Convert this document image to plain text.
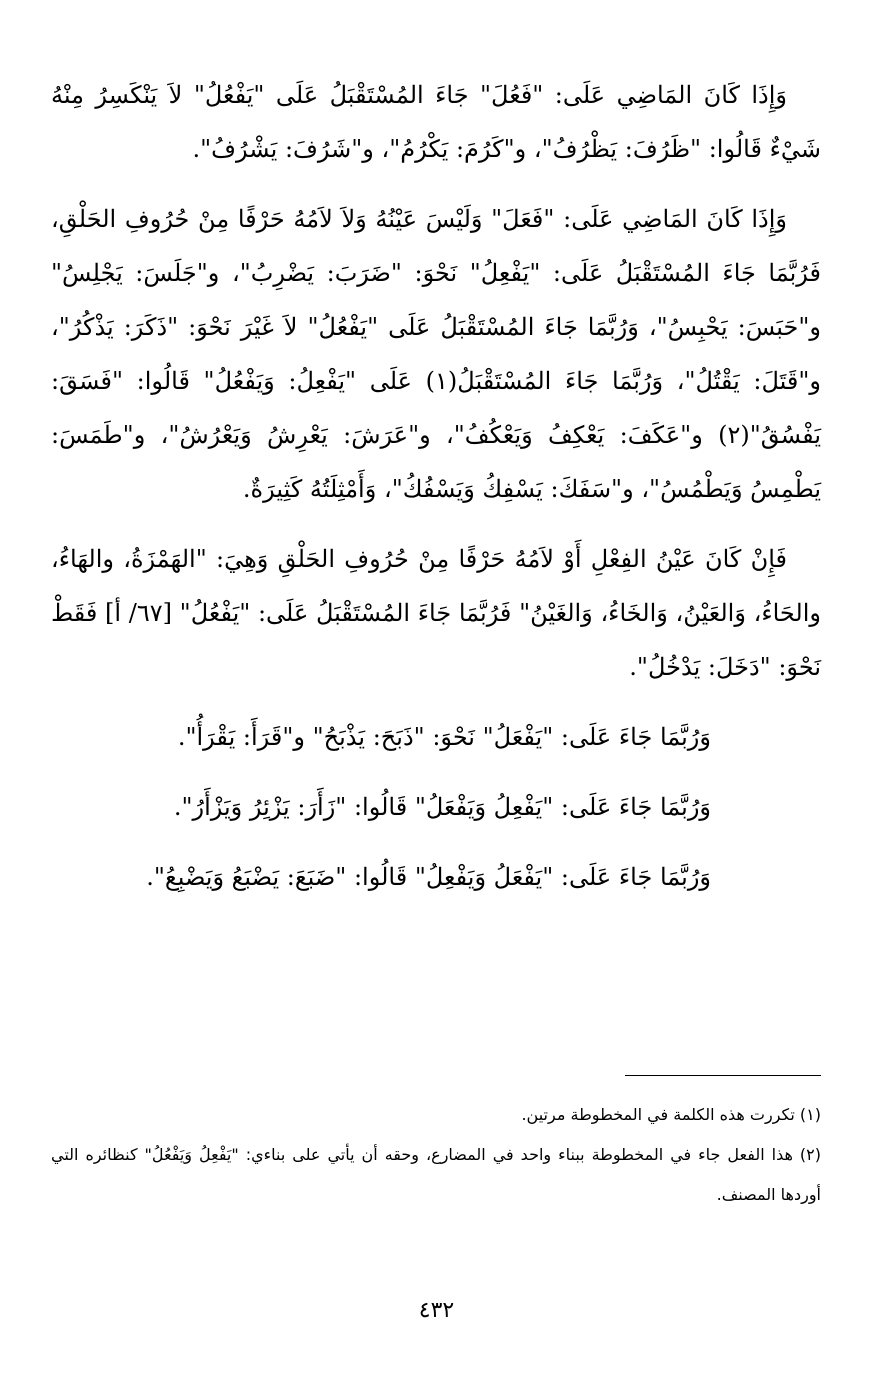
وَإِذَا كَانَ المَاضِي عَلَى: "فَعُلَ" جَاءَ المُسْتَقْبَلُ عَلَى "يَفْعُلُ" لاَ يَنْكَسِرُ مِنْهُ شَيْءٌ قَالُوا: "ظَرُفَ: يَظْرُفُ"، و"كَرُمَ: يَكْرُمُ"، و"شَرُفَ: يَشْرُفُ".

وَإِذَا كَانَ المَاضِي عَلَى: "فَعَلَ" وَلَيْسَ عَيْنُهُ وَلاَ لاَمُهُ حَرْفًا مِنْ حُرُوفِ الحَلْقِ، فَرُبَّمَا جَاءَ المُسْتَقْبَلُ عَلَى: "يَفْعِلُ" نَحْوَ: "ضَرَبَ: يَضْرِبُ"، و"جَلَسَ: يَجْلِسُ" و"حَبَسَ: يَحْبِسُ"، وَرُبَّمَا جَاءَ المُسْتَقْبَلُ عَلَى "يَفْعُلُ" لاَ غَيْرَ نَحْوَ: "ذَكَرَ: يَذْكُرُ"، و"قَتَلَ: يَقْتُلُ"، وَرُبَّمَا جَاءَ المُسْتَقْبَلُ(١) عَلَى "يَفْعِلُ: وَيَفْعُلُ" قَالُوا: "فَسَقَ: يَفْسُقُ"(٢) و"عَكَفَ: يَعْكِفُ وَيَعْكُفُ"، و"عَرَشَ: يَعْرِشُ وَيَعْرُشُ"، و"طَمَسَ: يَطْمِسُ وَيَطْمُسُ"، و"سَفَكَ: يَسْفِكُ وَيَسْفُكُ"، وَأَمْثِلَتُهُ كَثِيرَةٌ.

فَإِنْ كَانَ عَيْنُ الفِعْلِ أَوْ لاَمُهُ حَرْفًا مِنْ حُرُوفِ الحَلْقِ وَهِيَ: "الهَمْزَةُ، والهَاءُ، والحَاءُ، وَالعَيْنُ، وَالخَاءُ، وَالغَيْنُ" فَرُبَّمَا جَاءَ المُسْتَقْبَلُ عَلَى: "يَفْعُلُ" [٦٧/ أ] فَقَطْ نَحْوَ: "دَخَلَ: يَدْخُلُ".

وَرُبَّمَا جَاءَ عَلَى: "يَفْعَلُ" نَحْوَ: "ذَبَحَ: يَذْبَحُ" و"قَرَأَ: يَقْرَأُ".

وَرُبَّمَا جَاءَ عَلَى: "يَفْعِلُ وَيَفْعَلُ" قَالُوا: "زَأَرَ: يَزْئِرُ وَيَزْأَرُ".

وَرُبَّمَا جَاءَ عَلَى: "يَفْعَلُ وَيَفْعِلُ" قَالُوا: "ضَبَعَ: يَضْبَعُ وَيَضْبِعُ".

(١) تكررت هذه الكلمة في المخطوطة مرتين.

(٢) هذا الفعل جاء في المخطوطة ببناء واحد في المضارع، وحقه أن يأتي على بناءي: "يَفْعِلُ وَيَفْعُلُ" كنظائره التي أوردها المصنف.

٤٣٢
